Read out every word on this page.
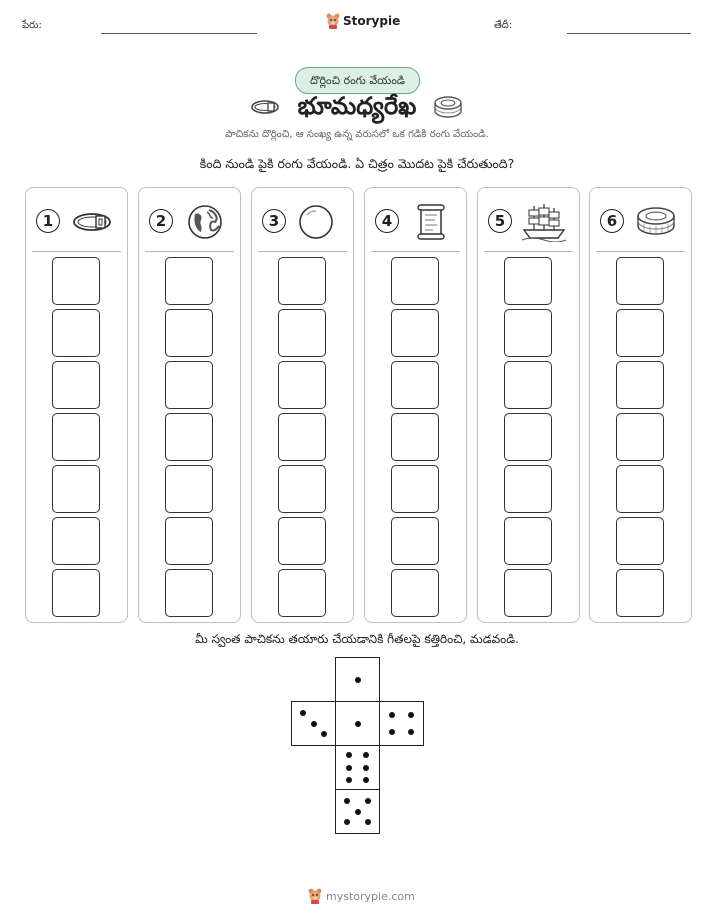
పేరు:	Storypie	తేదీ:
దొర్లించి రంగు వేయండి
భూమధ్యరేఖ
పాచికను దొర్లించి, ఆ సంఖ్య ఉన్న వరుసలో ఒక గడికి రంగు వేయండి.
కింది నుండి పైకి రంగు వేయండి. ఏ చిత్రం మొదట పైకి చేరుతుంది?
1	2	3	4	5	6
మీ స్వంత పాచికను తయారు చేయడానికి గీతలపై కత్తిరించి, మడవండి.
mystorypie.com
